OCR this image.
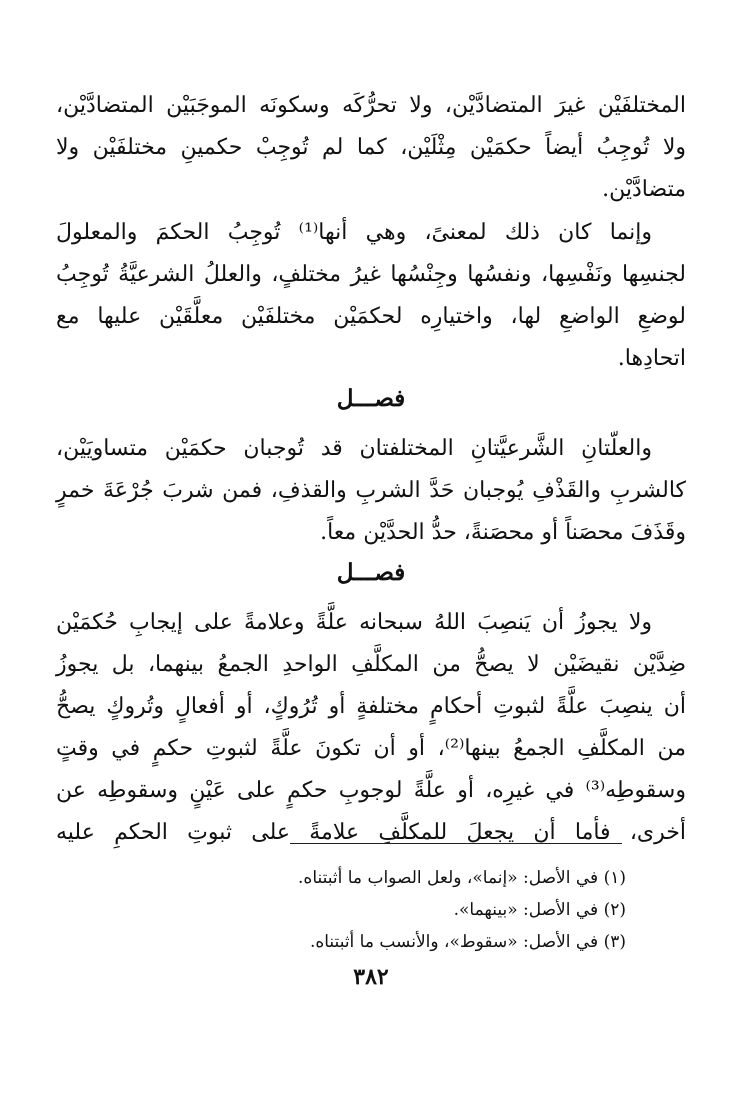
المختلفَيْن غيرَ المتضادَّيْن، ولا تحرُّكَه وسكونَه الموجَبَيْن المتضادَّيْن،
ولا تُوجِبُ أيضاً حكمَيْن مِثْلَيْن، كما لم تُوجِبْ حكمينِ مختلفَيْن ولا
متضادَّيْن.
وإنما كان ذلك لمعنىً، وهي أنها⁽¹⁾ تُوجِبُ الحكمَ والمعلولَ
لجنسِها ونَفْسِها، ونفسُها وجِنْسُها غيرُ مختلفٍ، والعللُ الشرعيَّةُ تُوجِبُ
لوضعِ الواضعِ لها، واختيارِه لحكمَيْن مختلفَيْن معلَّقَيْن عليها مع
اتحادِها.
فصـــل
والعلّتانِ الشَّرعيَّتانِ المختلفتان قد تُوجبان حكمَيْن متساويَيْن،
كالشربِ والقَذْفِ يُوجبان حَدَّ الشربِ والقذفِ، فمن شربَ جُرْعَةَ خمرٍ
وقَذَفَ محصَناً أو محصَنةً، حدُّ الحدَّيْن معاً.
فصـــل
ولا يجوزُ أن يَنصِبَ اللهُ سبحانه علَّةً وعلامةً على إيجابِ حُكمَيْن
ضِدَّيْن نقيضَيْن لا يصحُّ من المكلَّفِ الواحدِ الجمعُ بينهما، بل يجوزُ
أن ينصِبَ علَّةً لثبوتِ أحكامٍ مختلفةٍ أو تُرُوكٍ، أو أفعالٍ وتُروكٍ يصحُّ
من المكلَّفِ الجمعُ بينها⁽²⁾، أو أن تكونَ علَّةً لثبوتِ حكمٍ في وقتٍ
وسقوطِه⁽³⁾ في غيرِه، أو علَّةً لوجوبِ حكمٍ على عَيْنٍ وسقوطِه عن
أخرى، فأما أن يجعلَ للمكلَّفِ علامةً على ثبوتِ الحكمِ عليه
(١) في الأصل: «إنما»، ولعل الصواب ما أثبتناه.
(٢) في الأصل: «بينهما».
(٣) في الأصل: «سقوط»، والأنسب ما أثبتناه.
٣٨٢
